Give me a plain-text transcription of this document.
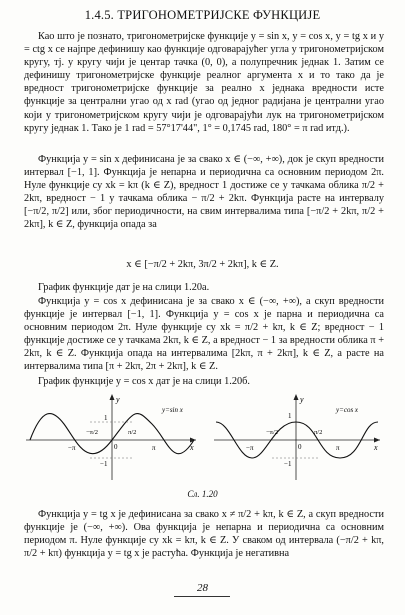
1.4.5. ТРИГОНОМЕТРИЈСКЕ ФУНКЦИЈЕ

Као што је познато, тригонометријске функције y = sin x, y = cos x, y = tg x и y = ctg x се најпре дефинишу као функције одговарајућег угла у тригонометријском кругу, тј. у кругу чији је центар тачка (0, 0), а полупречник једнак 1. Затим се дефинишу тригонометријске функције реалног аргумента x и то тако да је вредност тригонометријске функције за реално x једнака вредности исте функције за централни угао од x rad (угао од једног радијана је централни угао који у тригонометријском кругу чији је одговарајући лук на тригонометријском кругу једнак 1. Тако је 1 rad = 57°17'44", 1° = 0,1745 rad, 180° = π rad итд.).

Функција y = sin x дефинисана је за свако x ∈ (−∞, +∞), док је скуп вредности интервал [−1, 1]. Функција је непарна и периодична са основним периодом 2π. Нуле функције су xk = kπ (k ∈ Z), вредност 1 достиже се у тачкама облика π/2 + 2kπ, вредност − 1 у тачкама облика − π/2 + 2kπ. Функција расте на интервалу [−π/2, π/2] или, због периодичности, на свим интервалима типа [−π/2 + 2kπ, π/2 + 2kπ], k ∈ Z, функција опада за

x ∈ [−π/2 + 2kπ, 3π/2 + 2kπ], k ∈ Z.

График функције дат је на слици 1.20a.

Функција y = cos x дефинисана је за свако x ∈ (−∞, +∞), а скуп вредности функције је интервал [−1, 1]. Функција y = cos x је парна и периодична са основним периодом 2π. Нуле функције су xk = π/2 + kπ, k ∈ Z; вредност − 1 функције достиже се у тачкама 2kπ, k ∈ Z, а вредност − 1 за вредности облика π + 2kπ, k ∈ Z. Функција опада на интервалима [2kπ, π + 2kπ], k ∈ Z, а расте на интервалима типа [π + 2kπ, 2π + 2kπ], k ∈ Z.

График функције y = cos x дат је на слици 1.20б.

y
x
0
−π	π
−π/2	π/2
1
−1
y=sin x
y
x
0
−π	π
−π/2	π/2
1
−1
y=cos x
Сл. 1.20

Функција y = tg x је дефинисана за свако x ≠ π/2 + kπ, k ∈ Z, а скуп вредности функције је (−∞, +∞). Ова функција је непарна и периодична са основним периодом π. Нуле функције су xk = kπ, k ∈ Z. У сваком од интервала (−π/2 + kπ, π/2 + kπ) функција y = tg x је растућа. Функција је негативна

28
